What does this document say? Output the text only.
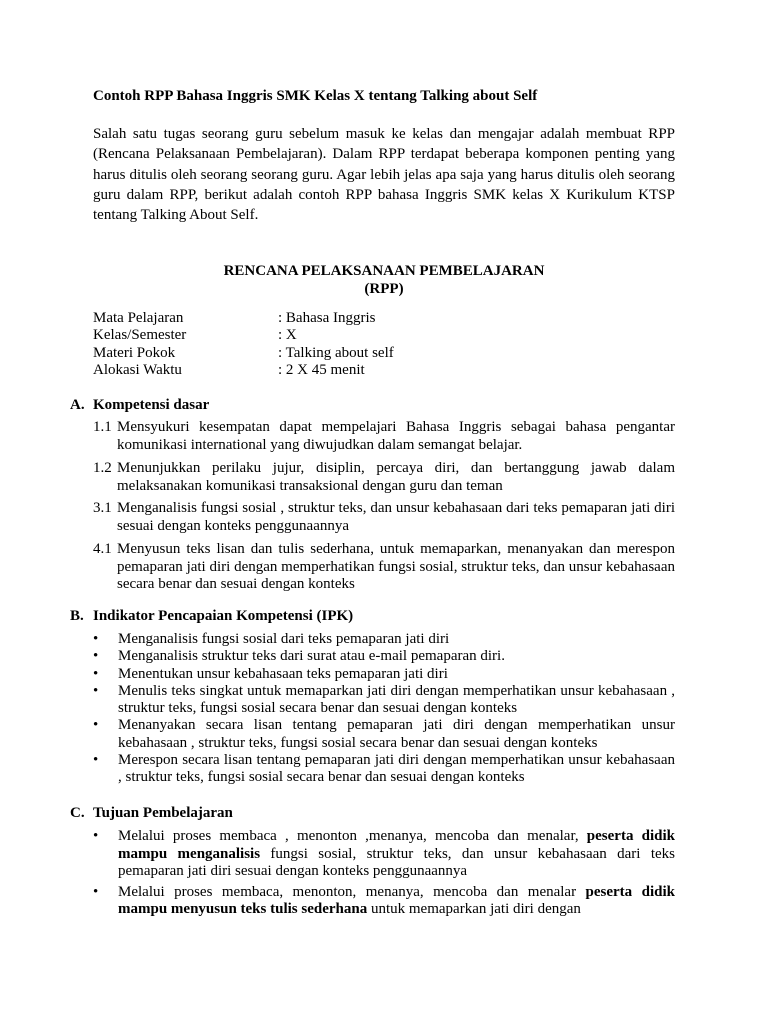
Contoh RPP Bahasa Inggris SMK Kelas X tentang Talking about Self
Salah satu tugas seorang guru sebelum masuk ke kelas dan mengajar adalah membuat RPP (Rencana Pelaksanaan Pembelajaran). Dalam RPP terdapat beberapa komponen penting yang harus ditulis oleh seorang seorang guru. Agar lebih jelas apa saja yang harus ditulis oleh seorang guru dalam RPP, berikut adalah contoh RPP bahasa Inggris SMK kelas X Kurikulum KTSP tentang Talking About Self.
RENCANA PELAKSANAAN PEMBELAJARAN
(RPP)
Mata Pelajaran	: Bahasa Inggris
Kelas/Semester	: X
Materi Pokok	: Talking about self
Alokasi Waktu	: 2 X 45 menit
A. Kompetensi dasar
1.1 Mensyukuri kesempatan dapat mempelajari Bahasa Inggris sebagai bahasa pengantar komunikasi international yang diwujudkan dalam semangat belajar.
1.2 Menunjukkan perilaku jujur, disiplin, percaya diri, dan bertanggung jawab dalam melaksanakan komunikasi transaksional dengan guru dan teman
3.1 Menganalisis fungsi sosial , struktur teks, dan unsur kebahasaan dari teks pemaparan jati diri sesuai dengan konteks penggunaannya
4.1 Menyusun teks lisan dan tulis sederhana, untuk memaparkan, menanyakan dan merespon pemaparan jati diri dengan memperhatikan fungsi sosial, struktur teks, dan unsur kebahasaan secara benar dan sesuai dengan konteks
B. Indikator Pencapaian Kompetensi (IPK)
•	Menganalisis fungsi sosial dari teks pemaparan jati diri
•	Menganalisis struktur teks dari surat atau e-mail pemaparan diri.
•	Menentukan unsur kebahasaan teks pemaparan jati diri
•	Menulis teks singkat untuk memaparkan jati diri dengan memperhatikan unsur kebahasaan , struktur teks, fungsi sosial secara benar dan sesuai dengan konteks
•	Menanyakan secara lisan tentang pemaparan jati diri dengan memperhatikan unsur kebahasaan , struktur teks, fungsi sosial secara benar dan sesuai dengan konteks
•	Merespon secara lisan tentang pemaparan jati diri dengan memperhatikan unsur kebahasaan , struktur teks, fungsi sosial secara benar dan sesuai dengan konteks
C. Tujuan Pembelajaran
•	Melalui proses membaca , menonton ,menanya, mencoba dan menalar, peserta didik mampu menganalisis fungsi sosial, struktur teks, dan unsur kebahasaan dari teks pemaparan jati diri sesuai dengan konteks penggunaannya
•	Melalui proses membaca, menonton, menanya, mencoba dan menalar peserta didik mampu menyusun teks tulis sederhana untuk memaparkan jati diri dengan
